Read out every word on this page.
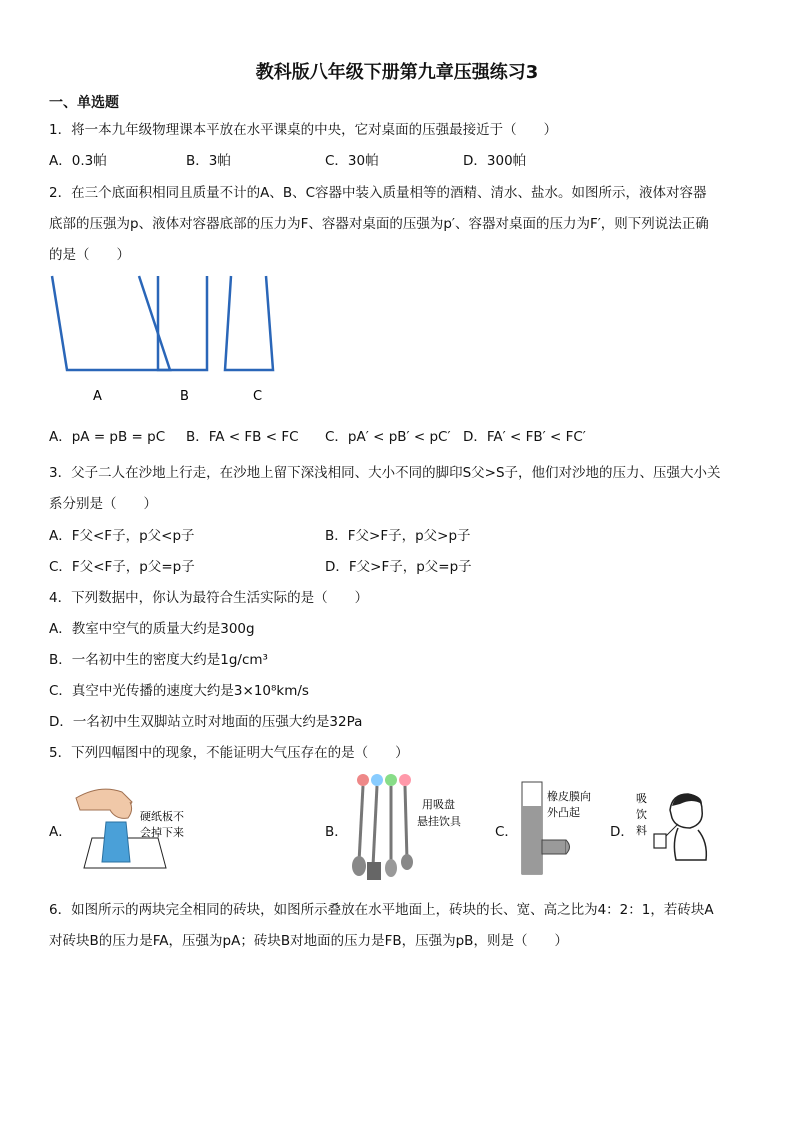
教科版八年级下册第九章压强练习3
一、单选题
1．将一本九年级物理课本平放在水平课桌的中央，它对桌面的压强最接近于（　　）
A．0.3帕	B．3帕	C．30帕	D．300帕
2．在三个底面积相同且质量不计的A、B、C容器中装入质量相等的酒精、清水、盐水。如图所示，液体对容器
底部的压强为p、液体对容器底部的压力为F、容器对桌面的压强为p′、容器对桌面的压力为F′，则下列说法正确
的是（　　）
A	B	C
A．pA = pB = pC B．FA < FB < FC C．pA′ < pB′ < pC′ D．FA′ < FB′ < FC′
3．父子二人在沙地上行走，在沙地上留下深浅相同、大小不同的脚印S父>S子，他们对沙地的压力、压强大小关
系分别是（　　）
A．F父<F子，p父<p子	B．F父>F子，p父>p子
C．F父<F子，p父=p子	D．F父>F子，p父=p子
4．下列数据中，你认为最符合生活实际的是（　　）
A．教室中空气的质量大约是300g
B．一名初中生的密度大约是1g/cm³
C．真空中光传播的速度大约是3×10⁸km/s
D．一名初中生双脚站立时对地面的压强大约是32Pa
5．下列四幅图中的现象，不能证明大气压存在的是（　　）
A．
硬纸板不
会掉下来	B．
用吸盘
悬挂饮具
C．
橡皮膜向
外凸起
D．
吸
饮
料
6．如图所示的两块完全相同的砖块，如图所示叠放在水平地面上，砖块的长、宽、高之比为4：2：1，若砖块A
对砖块B的压力是FA，压强为pA；砖块B对地面的压力是FB，压强为pB，则是（　　）
